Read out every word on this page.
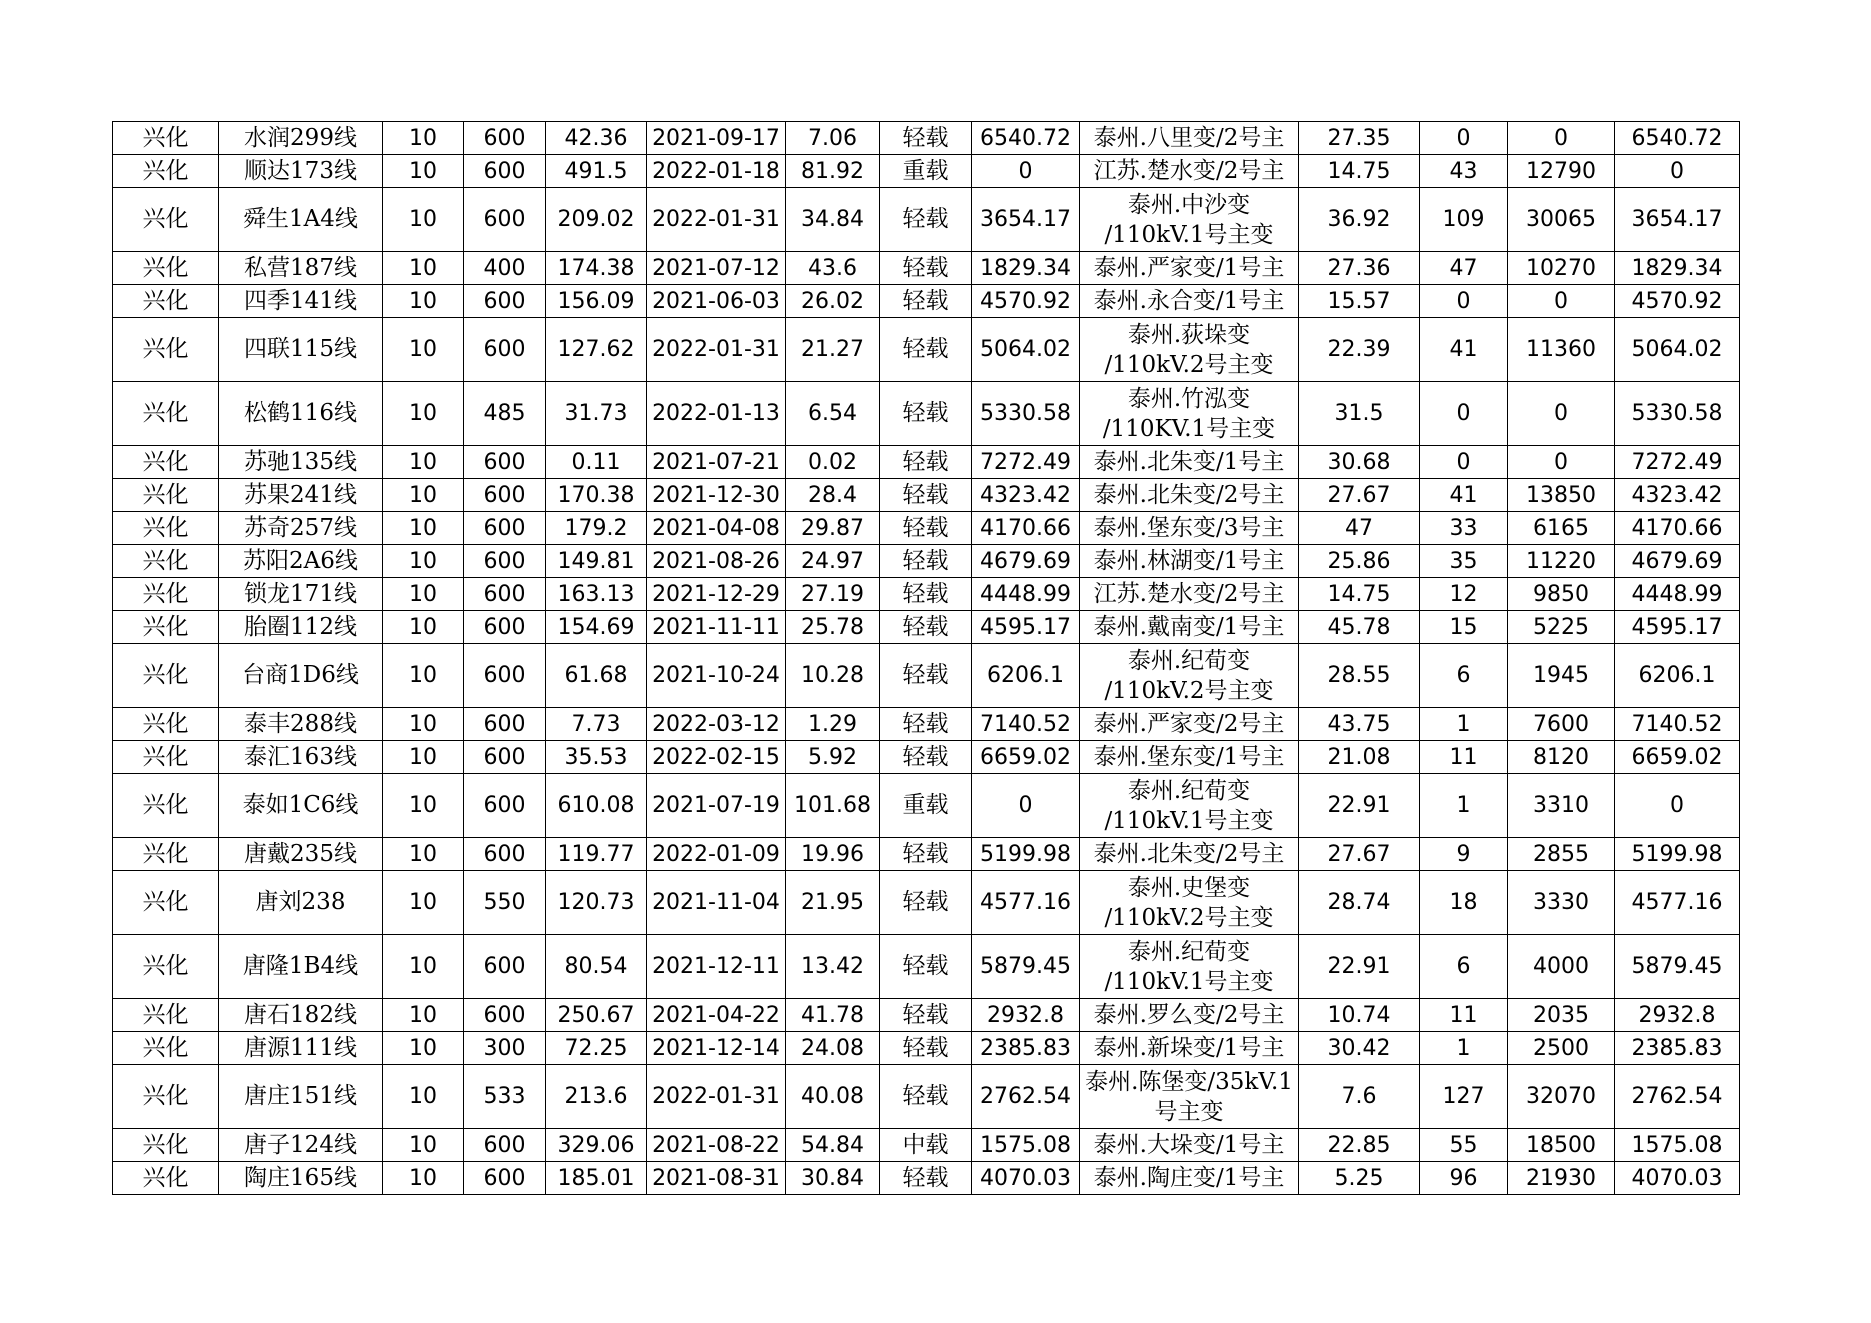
兴化	水润299线	10	600	42.36	2021-09-17	7.06	轻载	6540.72	泰州.八里变/2号主	27.35	0	0	6540.72
兴化	顺达173线	10	600	491.5	2022-01-18	81.92	重载	0	江苏.楚水变/2号主	14.75	43	12790	0
兴化	舜生1A4线	10	600	209.02	2022-01-31	34.84	轻载	3654.17	泰州.中沙变 /110kV.1号主变	36.92	109	30065	3654.17
兴化	私营187线	10	400	174.38	2021-07-12	43.6	轻载	1829.34	泰州.严家变/1号主	27.36	47	10270	1829.34
兴化	四季141线	10	600	156.09	2021-06-03	26.02	轻载	4570.92	泰州.永合变/1号主	15.57	0	0	4570.92
兴化	四联115线	10	600	127.62	2022-01-31	21.27	轻载	5064.02	泰州.荻垛变 /110kV.2号主变	22.39	41	11360	5064.02
兴化	松鹤116线	10	485	31.73	2022-01-13	6.54	轻载	5330.58	泰州.竹泓变 /110KV.1号主变	31.5	0	0	5330.58
兴化	苏驰135线	10	600	0.11	2021-07-21	0.02	轻载	7272.49	泰州.北朱变/1号主	30.68	0	0	7272.49
兴化	苏果241线	10	600	170.38	2021-12-30	28.4	轻载	4323.42	泰州.北朱变/2号主	27.67	41	13850	4323.42
兴化	苏奇257线	10	600	179.2	2021-04-08	29.87	轻载	4170.66	泰州.堡东变/3号主	47	33	6165	4170.66
兴化	苏阳2A6线	10	600	149.81	2021-08-26	24.97	轻载	4679.69	泰州.林湖变/1号主	25.86	35	11220	4679.69
兴化	锁龙171线	10	600	163.13	2021-12-29	27.19	轻载	4448.99	江苏.楚水变/2号主	14.75	12	9850	4448.99
兴化	胎圈112线	10	600	154.69	2021-11-11	25.78	轻载	4595.17	泰州.戴南变/1号主	45.78	15	5225	4595.17
兴化	台商1D6线	10	600	61.68	2021-10-24	10.28	轻载	6206.1	泰州.纪荀变 /110kV.2号主变	28.55	6	1945	6206.1
兴化	泰丰288线	10	600	7.73	2022-03-12	1.29	轻载	7140.52	泰州.严家变/2号主	43.75	1	7600	7140.52
兴化	泰汇163线	10	600	35.53	2022-02-15	5.92	轻载	6659.02	泰州.堡东变/1号主	21.08	11	8120	6659.02
兴化	泰如1C6线	10	600	610.08	2021-07-19	101.68	重载	0	泰州.纪荀变 /110kV.1号主变	22.91	1	3310	0
兴化	唐戴235线	10	600	119.77	2022-01-09	19.96	轻载	5199.98	泰州.北朱变/2号主	27.67	9	2855	5199.98
兴化	唐刘238	10	550	120.73	2021-11-04	21.95	轻载	4577.16	泰州.史堡变 /110kV.2号主变	28.74	18	3330	4577.16
兴化	唐隆1B4线	10	600	80.54	2021-12-11	13.42	轻载	5879.45	泰州.纪荀变 /110kV.1号主变	22.91	6	4000	5879.45
兴化	唐石182线	10	600	250.67	2021-04-22	41.78	轻载	2932.8	泰州.罗么变/2号主	10.74	11	2035	2932.8
兴化	唐源111线	10	300	72.25	2021-12-14	24.08	轻载	2385.83	泰州.新垛变/1号主	30.42	1	2500	2385.83
兴化	唐庄151线	10	533	213.6	2022-01-31	40.08	轻载	2762.54	泰州.陈堡变/35kV.1 号主变	7.6	127	32070	2762.54
兴化	唐子124线	10	600	329.06	2021-08-22	54.84	中载	1575.08	泰州.大垛变/1号主	22.85	55	18500	1575.08
兴化	陶庄165线	10	600	185.01	2021-08-31	30.84	轻载	4070.03	泰州.陶庄变/1号主	5.25	96	21930	4070.03
